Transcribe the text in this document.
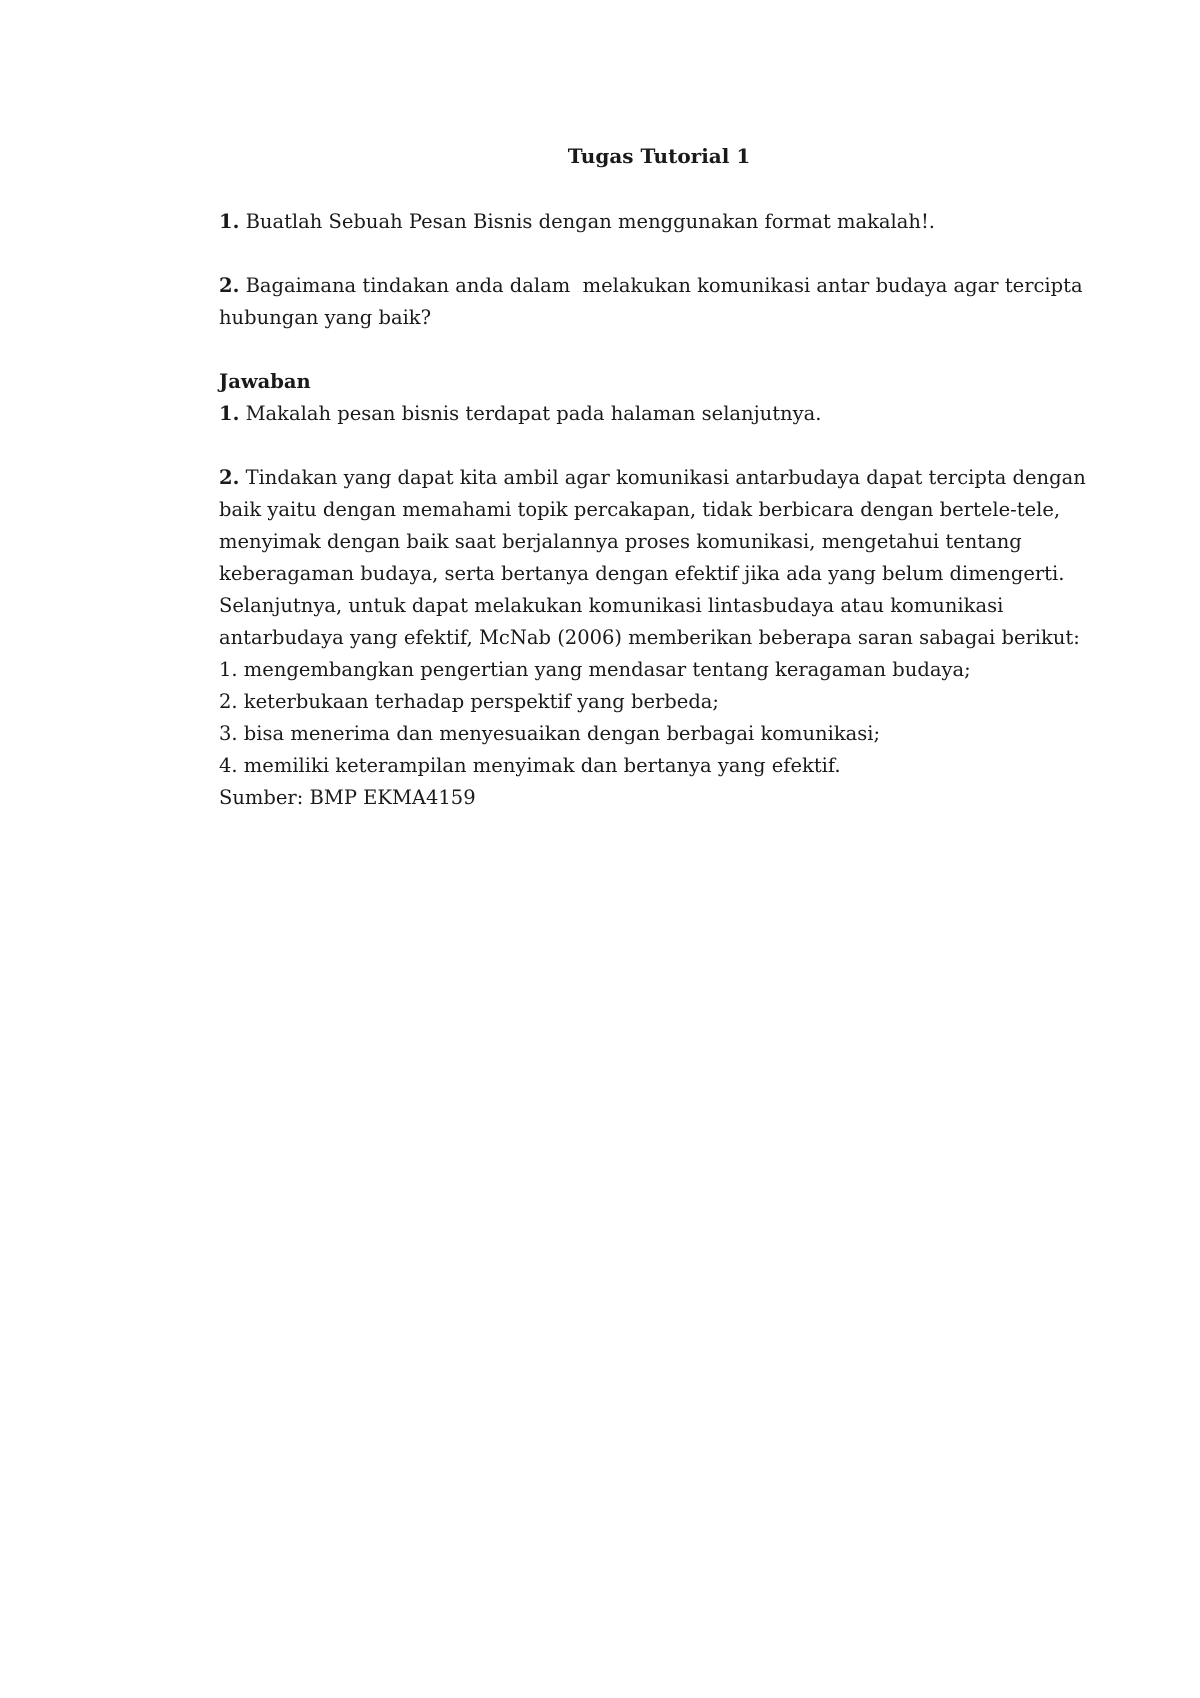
Tugas Tutorial 1
1. Buatlah Sebuah Pesan Bisnis dengan menggunakan format makalah!.
2. Bagaimana tindakan anda dalam  melakukan komunikasi antar budaya agar tercipta
hubungan yang baik?
Jawaban
1. Makalah pesan bisnis terdapat pada halaman selanjutnya.
2. Tindakan yang dapat kita ambil agar komunikasi antarbudaya dapat tercipta dengan
baik yaitu dengan memahami topik percakapan, tidak berbicara dengan bertele-tele,
menyimak dengan baik saat berjalannya proses komunikasi, mengetahui tentang
keberagaman budaya, serta bertanya dengan efektif jika ada yang belum dimengerti.
Selanjutnya, untuk dapat melakukan komunikasi lintasbudaya atau komunikasi
antarbudaya yang efektif, McNab (2006) memberikan beberapa saran sabagai berikut:
1. mengembangkan pengertian yang mendasar tentang keragaman budaya;
2. keterbukaan terhadap perspektif yang berbeda;
3. bisa menerima dan menyesuaikan dengan berbagai komunikasi;
4. memiliki keterampilan menyimak dan bertanya yang efektif.
Sumber: BMP EKMA4159
